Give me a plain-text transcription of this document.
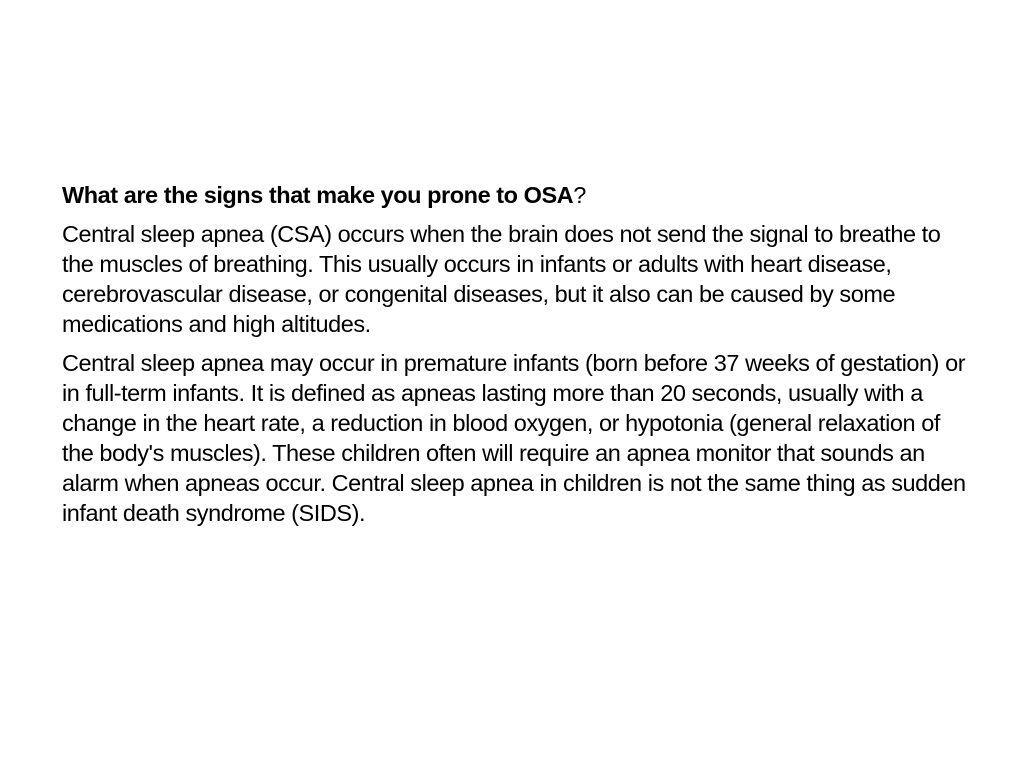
What are the signs that make you prone to OSA?

Central sleep apnea (CSA) occurs when the brain does not send the signal to breathe to the muscles of breathing. This usually occurs in infants or adults with heart disease, cerebrovascular disease, or congenital diseases, but it also can be caused by some medications and high altitudes.

Central sleep apnea may occur in premature infants (born before 37 weeks of gestation) or in full-term infants. It is defined as apneas lasting more than 20 seconds, usually with a change in the heart rate, a reduction in blood oxygen, or hypotonia (general relaxation of the body's muscles). These children often will require an apnea monitor that sounds an alarm when apneas occur. Central sleep apnea in children is not the same thing as sudden infant death syndrome (SIDS).
